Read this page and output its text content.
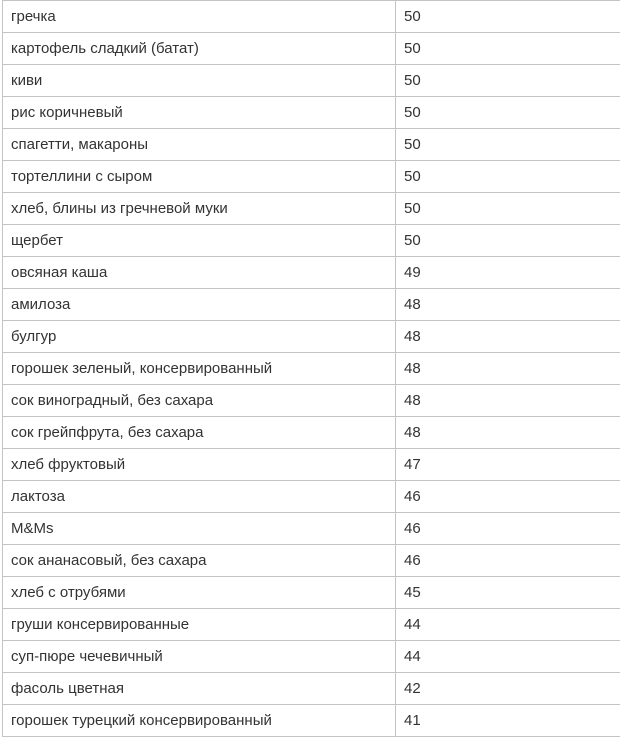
гречка	50
картофель сладкий (батат)	50
киви	50
рис коричневый	50
спагетти, макароны	50
тортеллини с сыром	50
хлеб, блины из гречневой муки	50
щербет	50
овсяная каша	49
амилоза	48
булгур	48
горошек зеленый, консервированный	48
сок виноградный, без сахара	48
сок грейпфрута, без сахара	48
хлеб фруктовый	47
лактоза	46
M&Ms	46
сок ананасовый, без сахара	46
хлеб с отрубями	45
груши консервированные	44
суп-пюре чечевичный	44
фасоль цветная	42
горошек турецкий консервированный	41
